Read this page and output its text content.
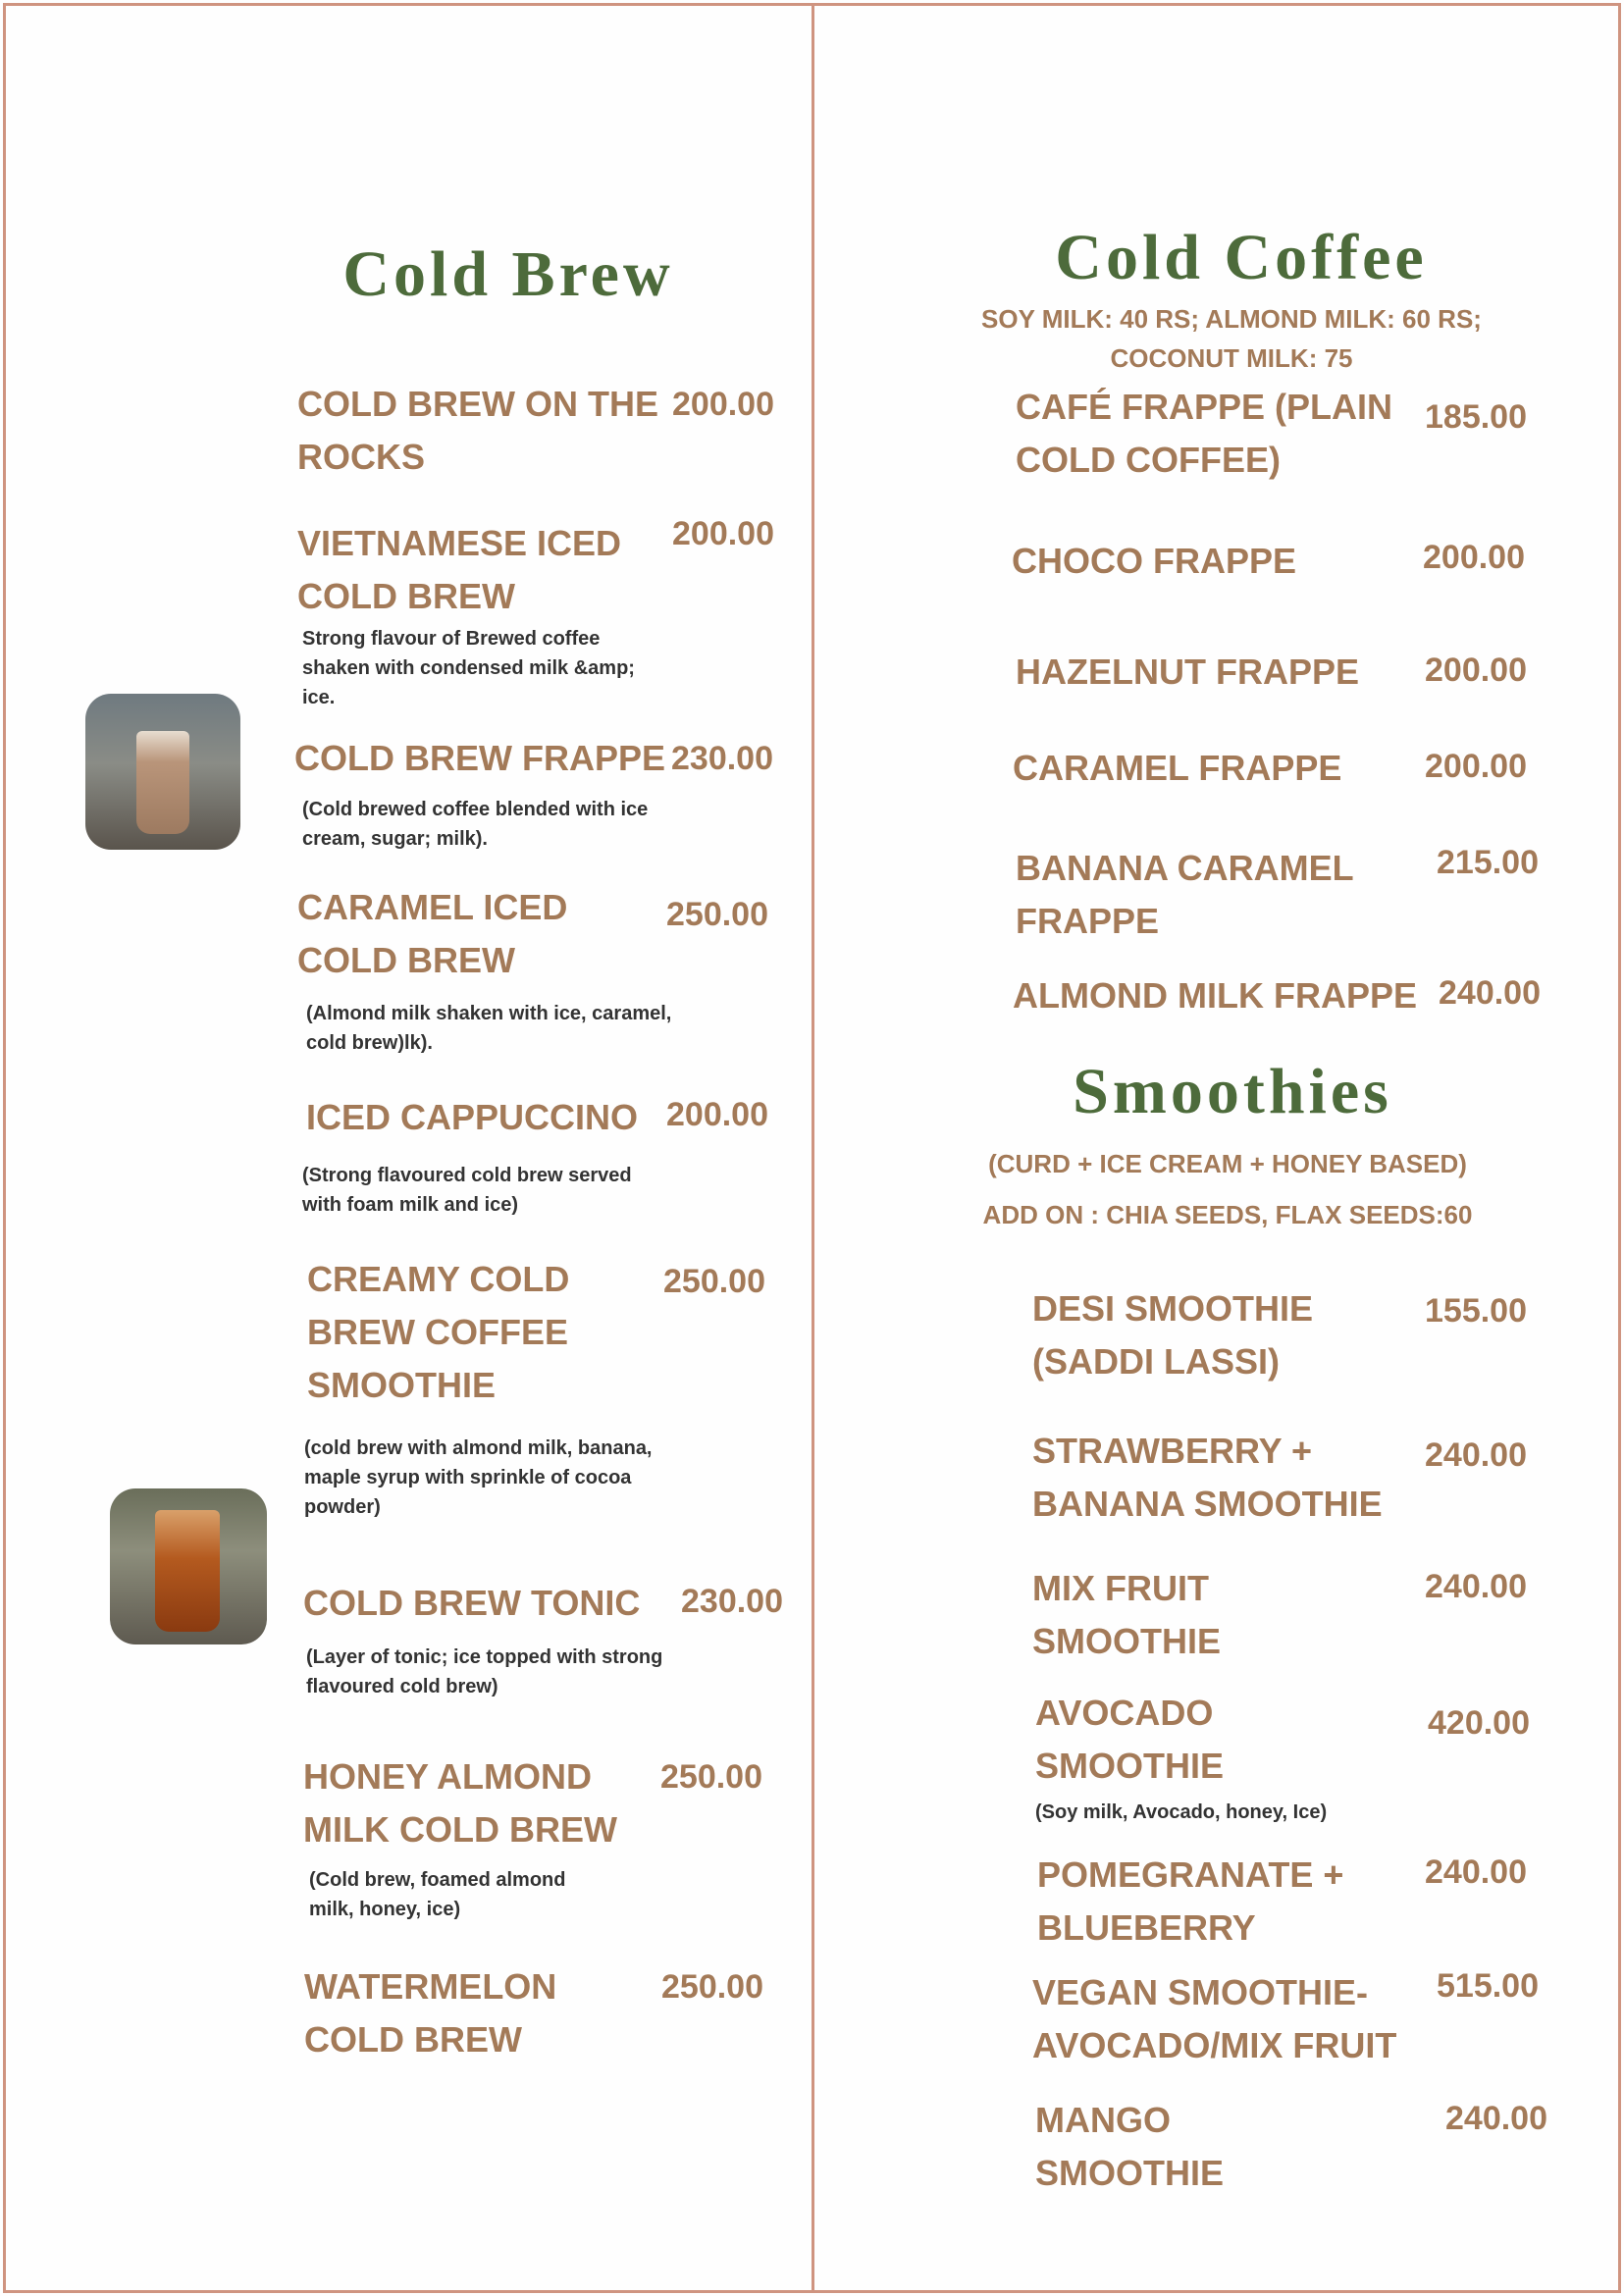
Cold Brew	Cold Coffee
SOY MILK: 40 RS; ALMOND MILK: 60 RS;
COCONUT MILK: 75
Smoothies
(CURD + ICE CREAM + HONEY BASED)
ADD ON : CHIA SEEDS, FLAX SEEDS:60
COLD BREW ON THE
ROCKS
200.00
VIETNAMESE ICED
COLD BREW
200.00
Strong flavour of Brewed coffee
shaken with condensed milk &amp;
ice.
COLD BREW FRAPPE 230.00
(Cold brewed coffee blended with ice
cream, sugar; milk).
CARAMEL ICED
COLD BREW
250.00
(Almond milk shaken with ice, caramel,
cold brew)lk).
ICED CAPPUCCINO 200.00
(Strong flavoured cold brew served
with foam milk and ice)
CREAMY COLD
BREW COFFEE
SMOOTHIE
250.00
(cold brew with almond milk, banana,
maple syrup with sprinkle of cocoa
powder)
COLD BREW TONIC 230.00
(Layer of tonic; ice topped with strong
flavoured cold brew)
HONEY ALMOND
MILK COLD BREW
250.00
(Cold brew, foamed almond
milk, honey, ice)
WATERMELON
COLD BREW
250.00
CAFÉ FRAPPE (PLAIN
COLD COFFEE)
185.00
CHOCO FRAPPE	200.00
HAZELNUT FRAPPE 200.00
CARAMEL FRAPPE 200.00
BANANA CARAMEL
FRAPPE
215.00
ALMOND MILK FRAPPE 240.00
DESI SMOOTHIE
(SADDI LASSI)
155.00
STRAWBERRY +
BANANA SMOOTHIE
240.00
MIX FRUIT
SMOOTHIE
240.00
AVOCADO
SMOOTHIE
420.00
(Soy milk, Avocado, honey, Ice)
POMEGRANATE +
BLUEBERRY
240.00
VEGAN SMOOTHIE-
AVOCADO/MIX FRUIT
515.00
MANGO
SMOOTHIE
240.00
